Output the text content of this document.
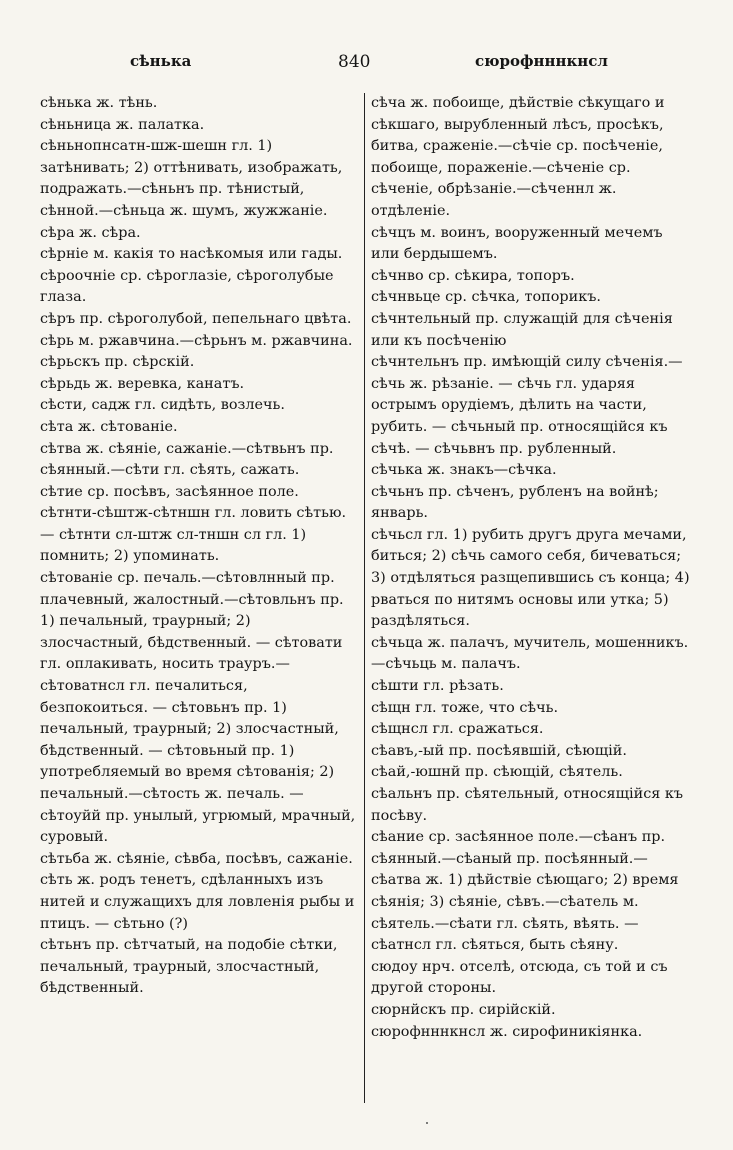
сѣнька	840	сюрофнннкнсл

сѣнька ж. тѣнь.

сѣньница ж. палатка.

сѣньнопнсатн-шж-шешн гл. 1) затѣнивать; 2) оттѣнивать, изображать, подражать.—сѣньнъ пр. тѣнистый, сѣнной.—сѣньца ж. шумъ, жужжаніе.

сѣра ж. сѣра.

сѣрніе м. какія то насѣкомыя или гады.

сѣроочніе ср. сѣроглазіе, сѣроголубые глаза.

сѣръ пр. сѣроголубой, пепельнаго цвѣта.

сѣрь м. ржавчина.—сѣрьнъ м. ржавчина.

сѣрьскъ пр. сѣрскій.

сѣрьдь ж. веревка, канатъ.

сѣсти, садж гл. сидѣть, возлечь.

сѣта ж. сѣтованіе.

сѣтва ж. сѣяніе, сажаніе.—сѣтвьнъ пр. сѣянный.—сѣти гл. сѣять, сажать.

сѣтие ср. посѣвъ, засѣянное поле.

сѣтнти-сѣштж-сѣтншн гл. ловить сѣтью. — сѣтнти сл-штж сл-тншн сл гл. 1) помнить; 2) упоминать.

сѣтованіе ср. печаль.—сѣтовлнный пр. плачевный, жалостный.—сѣтовльнъ пр. 1) печальный, траурный; 2) злосчастный, бѣдственный. — сѣтовати гл. оплакивать, носить трауръ.—сѣтоватнсл гл. печалиться, безпокоиться. — сѣтовьнъ пр. 1) печальный, траурный; 2) злосчастный, бѣдственный. — сѣтовьный пр. 1) употребляемый во время сѣтованія; 2) печальный.—сѣтость ж. печаль. — сѣтоуйй пр. унылый, угрюмый, мрачный, суровый.

сѣтьба ж. сѣяніе, сѣвба, посѣвъ, сажаніе.

сѣть ж. родъ тенетъ, сдѣланныхъ изъ нитей и служащихъ для ловленія рыбы и птицъ. — сѣтьно (?)

сѣтьнъ пр. сѣтчатый, на подобіе сѣтки, печальный, траурный, злосчастный, бѣдственный.

сѣча ж. побоище, дѣйствіе сѣкущаго и сѣкшаго, вырубленный лѣсъ, просѣкъ, битва, сраженіе.—сѣчіе ср. посѣченіе, побоище, пораженіе.—сѣченіе ср. сѣченіе, обрѣзаніе.—сѣченнл ж. отдѣленіе.

сѣчцъ м. воинъ, вооруженный мечемъ или бердышемъ.

сѣчнво ср. сѣкира, топоръ.

сѣчнвьце ср. сѣчка, топорикъ.

сѣчнтельный пр. служащій для сѣченія или къ посѣченію

сѣчнтельнъ пр. имѣющій силу сѣченія.—сѣчь ж. рѣзаніе. — сѣчь гл. ударяя острымъ орудіемъ, дѣлить на части, рубить. — сѣчьный пр. относящійся къ сѣчѣ. — сѣчьвнъ пр. рубленный.

сѣчька ж. знакъ—сѣчка.

сѣчьнъ пр. сѣченъ, рубленъ на войнѣ; январь.

сѣчьсл гл. 1) рубить другъ друга мечами, биться; 2) сѣчь самого себя, бичеваться; 3) отдѣляться разщепившись съ конца; 4) рваться по нитямъ основы или утка; 5) раздѣляться.

сѣчьца ж. палачъ, мучитель, мошенникъ.—сѣчьць м. палачъ.

сѣшти гл. рѣзать.

сѣщн гл. тоже, что сѣчь.

сѣщнсл гл. сражаться.

сѣавъ,-ый пр. посѣявшій, сѣющій.

сѣай,-юшнй пр. сѣющій, сѣятель.

сѣальнъ пр. сѣятельный, относящійся къ посѣву.

сѣание ср. засѣянное поле.—сѣанъ пр. сѣянный.—сѣаный пр. посѣянный.—сѣатва ж. 1) дѣйствіе сѣющаго; 2) время сѣянія; 3) сѣяніе, сѣвъ.—сѣатель м. сѣятель.—сѣати гл. сѣять, вѣять. — сѣатнсл гл. сѣяться, быть сѣяну.

сюдоу нрч. отселѣ, отсюда, съ той и съ другой стороны.

сюрнйскъ пр. сирійскій.

сюрофнннкнсл ж. сирофиникіянка.
